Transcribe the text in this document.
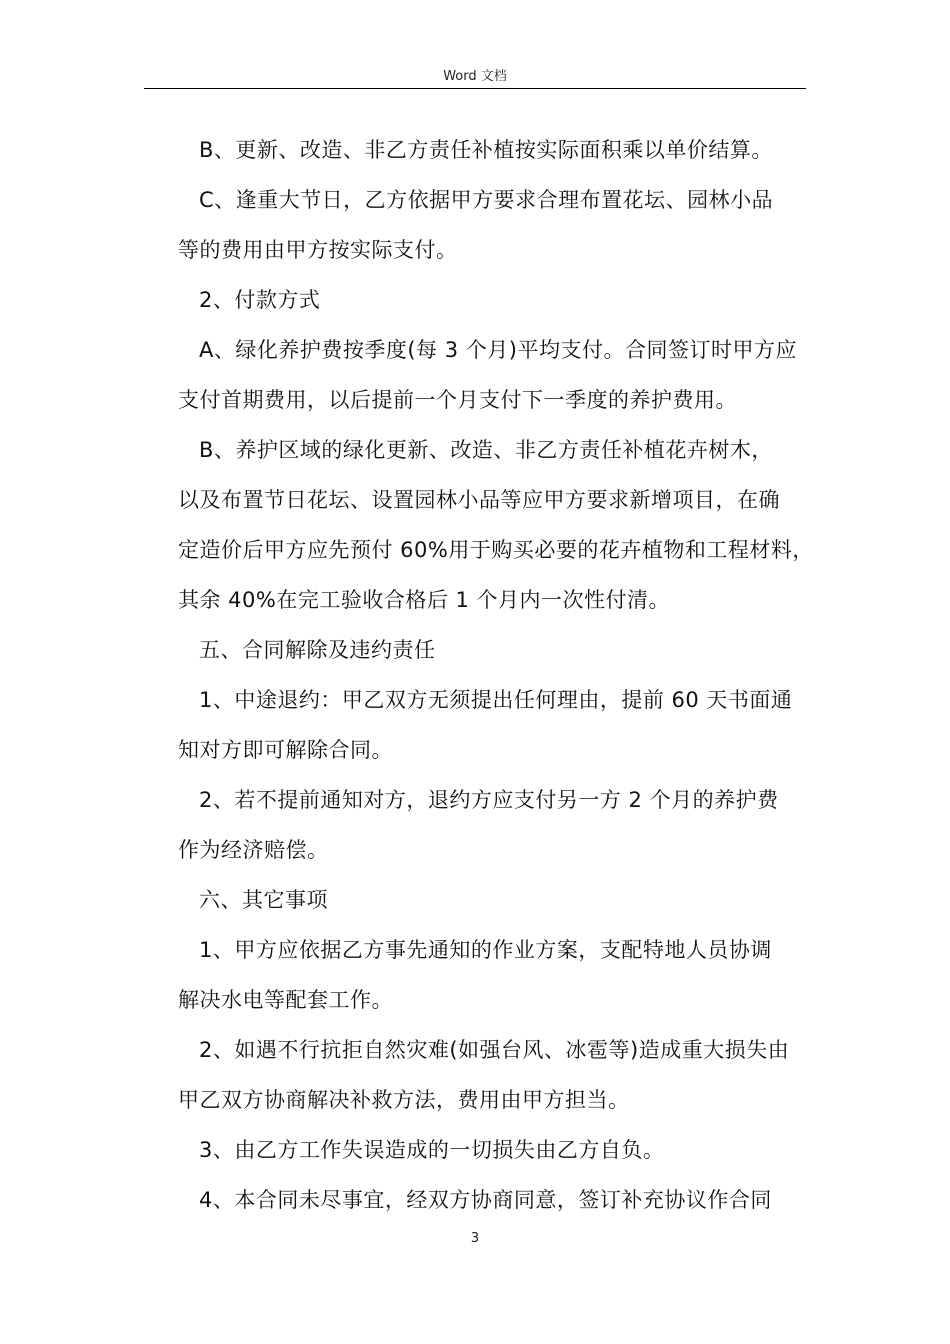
Word 文档
B、更新、改造、非乙方责任补植按实际面积乘以单价结算。
C、逢重大节日，乙方依据甲方要求合理布置花坛、园林小品
等的费用由甲方按实际支付。
2、付款方式
A、绿化养护费按季度(每 3 个月)平均支付。合同签订时甲方应
支付首期费用，以后提前一个月支付下一季度的养护费用。
B、养护区域的绿化更新、改造、非乙方责任补植花卉树木，
以及布置节日花坛、设置园林小品等应甲方要求新增项目，在确
定造价后甲方应先预付 60%用于购买必要的花卉植物和工程材料，
其余 40%在完工验收合格后 1 个月内一次性付清。
五、合同解除及违约责任
1、中途退约：甲乙双方无须提出任何理由，提前 60 天书面通
知对方即可解除合同。
2、若不提前通知对方，退约方应支付另一方 2 个月的养护费
作为经济赔偿。
六、其它事项
1、甲方应依据乙方事先通知的作业方案，支配特地人员协调
解决水电等配套工作。
2、如遇不行抗拒自然灾难(如强台风、冰雹等)造成重大损失由
甲乙双方协商解决补救方法，费用由甲方担当。
3、由乙方工作失误造成的一切损失由乙方自负。
4、本合同未尽事宜，经双方协商同意，签订补充协议作合同
3
